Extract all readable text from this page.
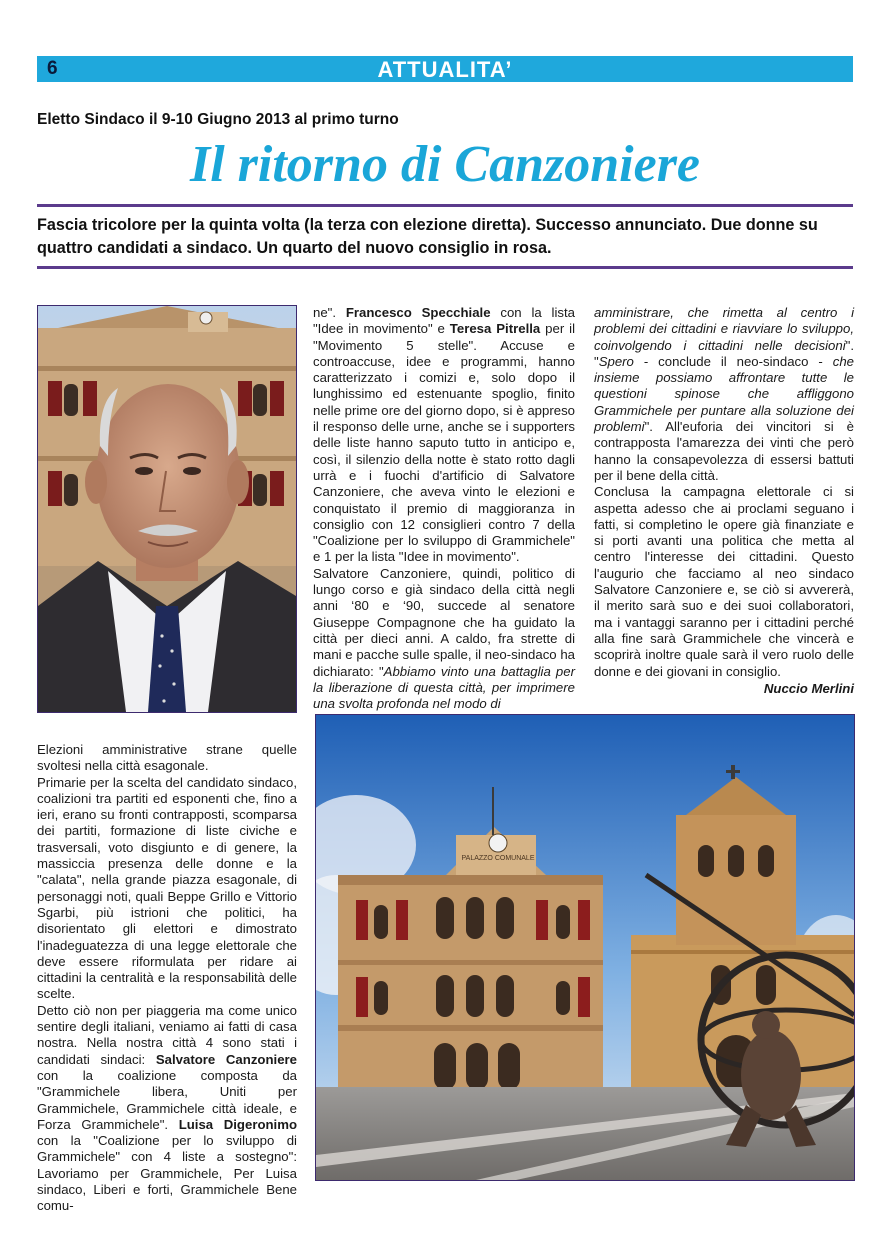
6	ATTUALITA’
Eletto Sindaco il 9-10 Giugno 2013 al primo turno
Il ritorno di Canzoniere
Fascia tricolore per la quinta volta (la terza con elezione diretta). Successo annunciato. Due donne su quattro candidati a sindaco. Un quarto del nuovo consiglio in rosa.

ne". Francesco Specchiale con la lista "Idee in movimento" e Teresa Pitrella per il "Movimento 5 stelle". Accuse e controaccuse, idee e programmi, hanno caratterizzato i comizi e, solo dopo il lunghissimo ed estenuante spoglio, finito nelle prime ore del giorno dopo, si è appreso il responso delle urne, anche se i supporters delle liste hanno saputo tutto in anticipo e, così, il silenzio della notte è stato rotto dagli urrà e i fuochi d'artificio di Salvatore Canzoniere, che aveva vinto le elezioni e conquistato il premio di maggioranza in consiglio con 12 consiglieri contro 7 della "Coalizione per lo sviluppo di Grammichele" e 1 per la lista "Idee in movimento".

Salvatore Canzoniere, quindi, politico di lungo corso e già sindaco della città negli anni ‘80 e ‘90, succede al senatore Giuseppe Compagnone che ha guidato la città per dieci anni. A caldo, fra strette di mani e pacche sulle spalle, il neo-sindaco ha dichiarato: "Abbiamo vinto una battaglia per la liberazione di questa città, per imprimere una svolta profonda nel modo di

amministrare, che rimetta al centro i problemi dei cittadini e riavviare lo sviluppo, coinvolgendo i cittadini nelle decisioni". "Spero - conclude il neo-sindaco - che insieme possiamo affrontare tutte le questioni spinose che affliggono Grammichele per puntare alla soluzione dei problemi". All'euforia dei vincitori si è contrapposta l'amarezza dei vinti che però hanno la consapevolezza di essersi battuti per il bene della città.

Conclusa la campagna elettorale ci si aspetta adesso che ai proclami seguano i fatti, si completino le opere già finanziate e si porti avanti una politica che metta al centro l'interesse dei cittadini. Questo l'augurio che facciamo al neo sindaco Salvatore Canzoniere e, se ciò si avvererà, il merito sarà suo e dei suoi collaboratori, ma i vantaggi saranno per i cittadini perché alla fine sarà Grammichele che vincerà e scoprirà inoltre quale sarà il vero ruolo delle donne e dei giovani in consiglio.

Nuccio Merlini

Elezioni amministrative strane quelle svoltesi nella città esagonale.

Primarie per la scelta del candidato sindaco, coalizioni tra partiti ed esponenti che, fino a ieri, erano su fronti contrapposti, scomparsa dei partiti, formazione di liste civiche e trasversali, voto disgiunto e di genere, la massiccia presenza delle donne e la "calata", nella grande piazza esagonale, di personaggi noti, quali Beppe Grillo e Vittorio Sgarbi, più istrioni che politici, ha disorientato gli elettori e dimostrato l'inadeguatezza di una legge elettorale che deve essere riformulata per ridare ai cittadini la centralità e la responsabilità delle scelte.

Detto ciò non per piaggeria ma come unico sentire degli italiani, veniamo ai fatti di casa nostra. Nella nostra città 4 sono stati i candidati sindaci: Salvatore Canzoniere con la coalizione composta da "Grammichele libera, Uniti per Grammichele, Grammichele città ideale, e Forza Grammichele". Luisa Digeronimo con la "Coalizione per lo sviluppo di Grammichele" con 4 liste a sostegno": Lavoriamo per Grammichele, Per Luisa sindaco, Liberi e forti, Grammichele Bene comu-

PALAZZO COMUNALE
